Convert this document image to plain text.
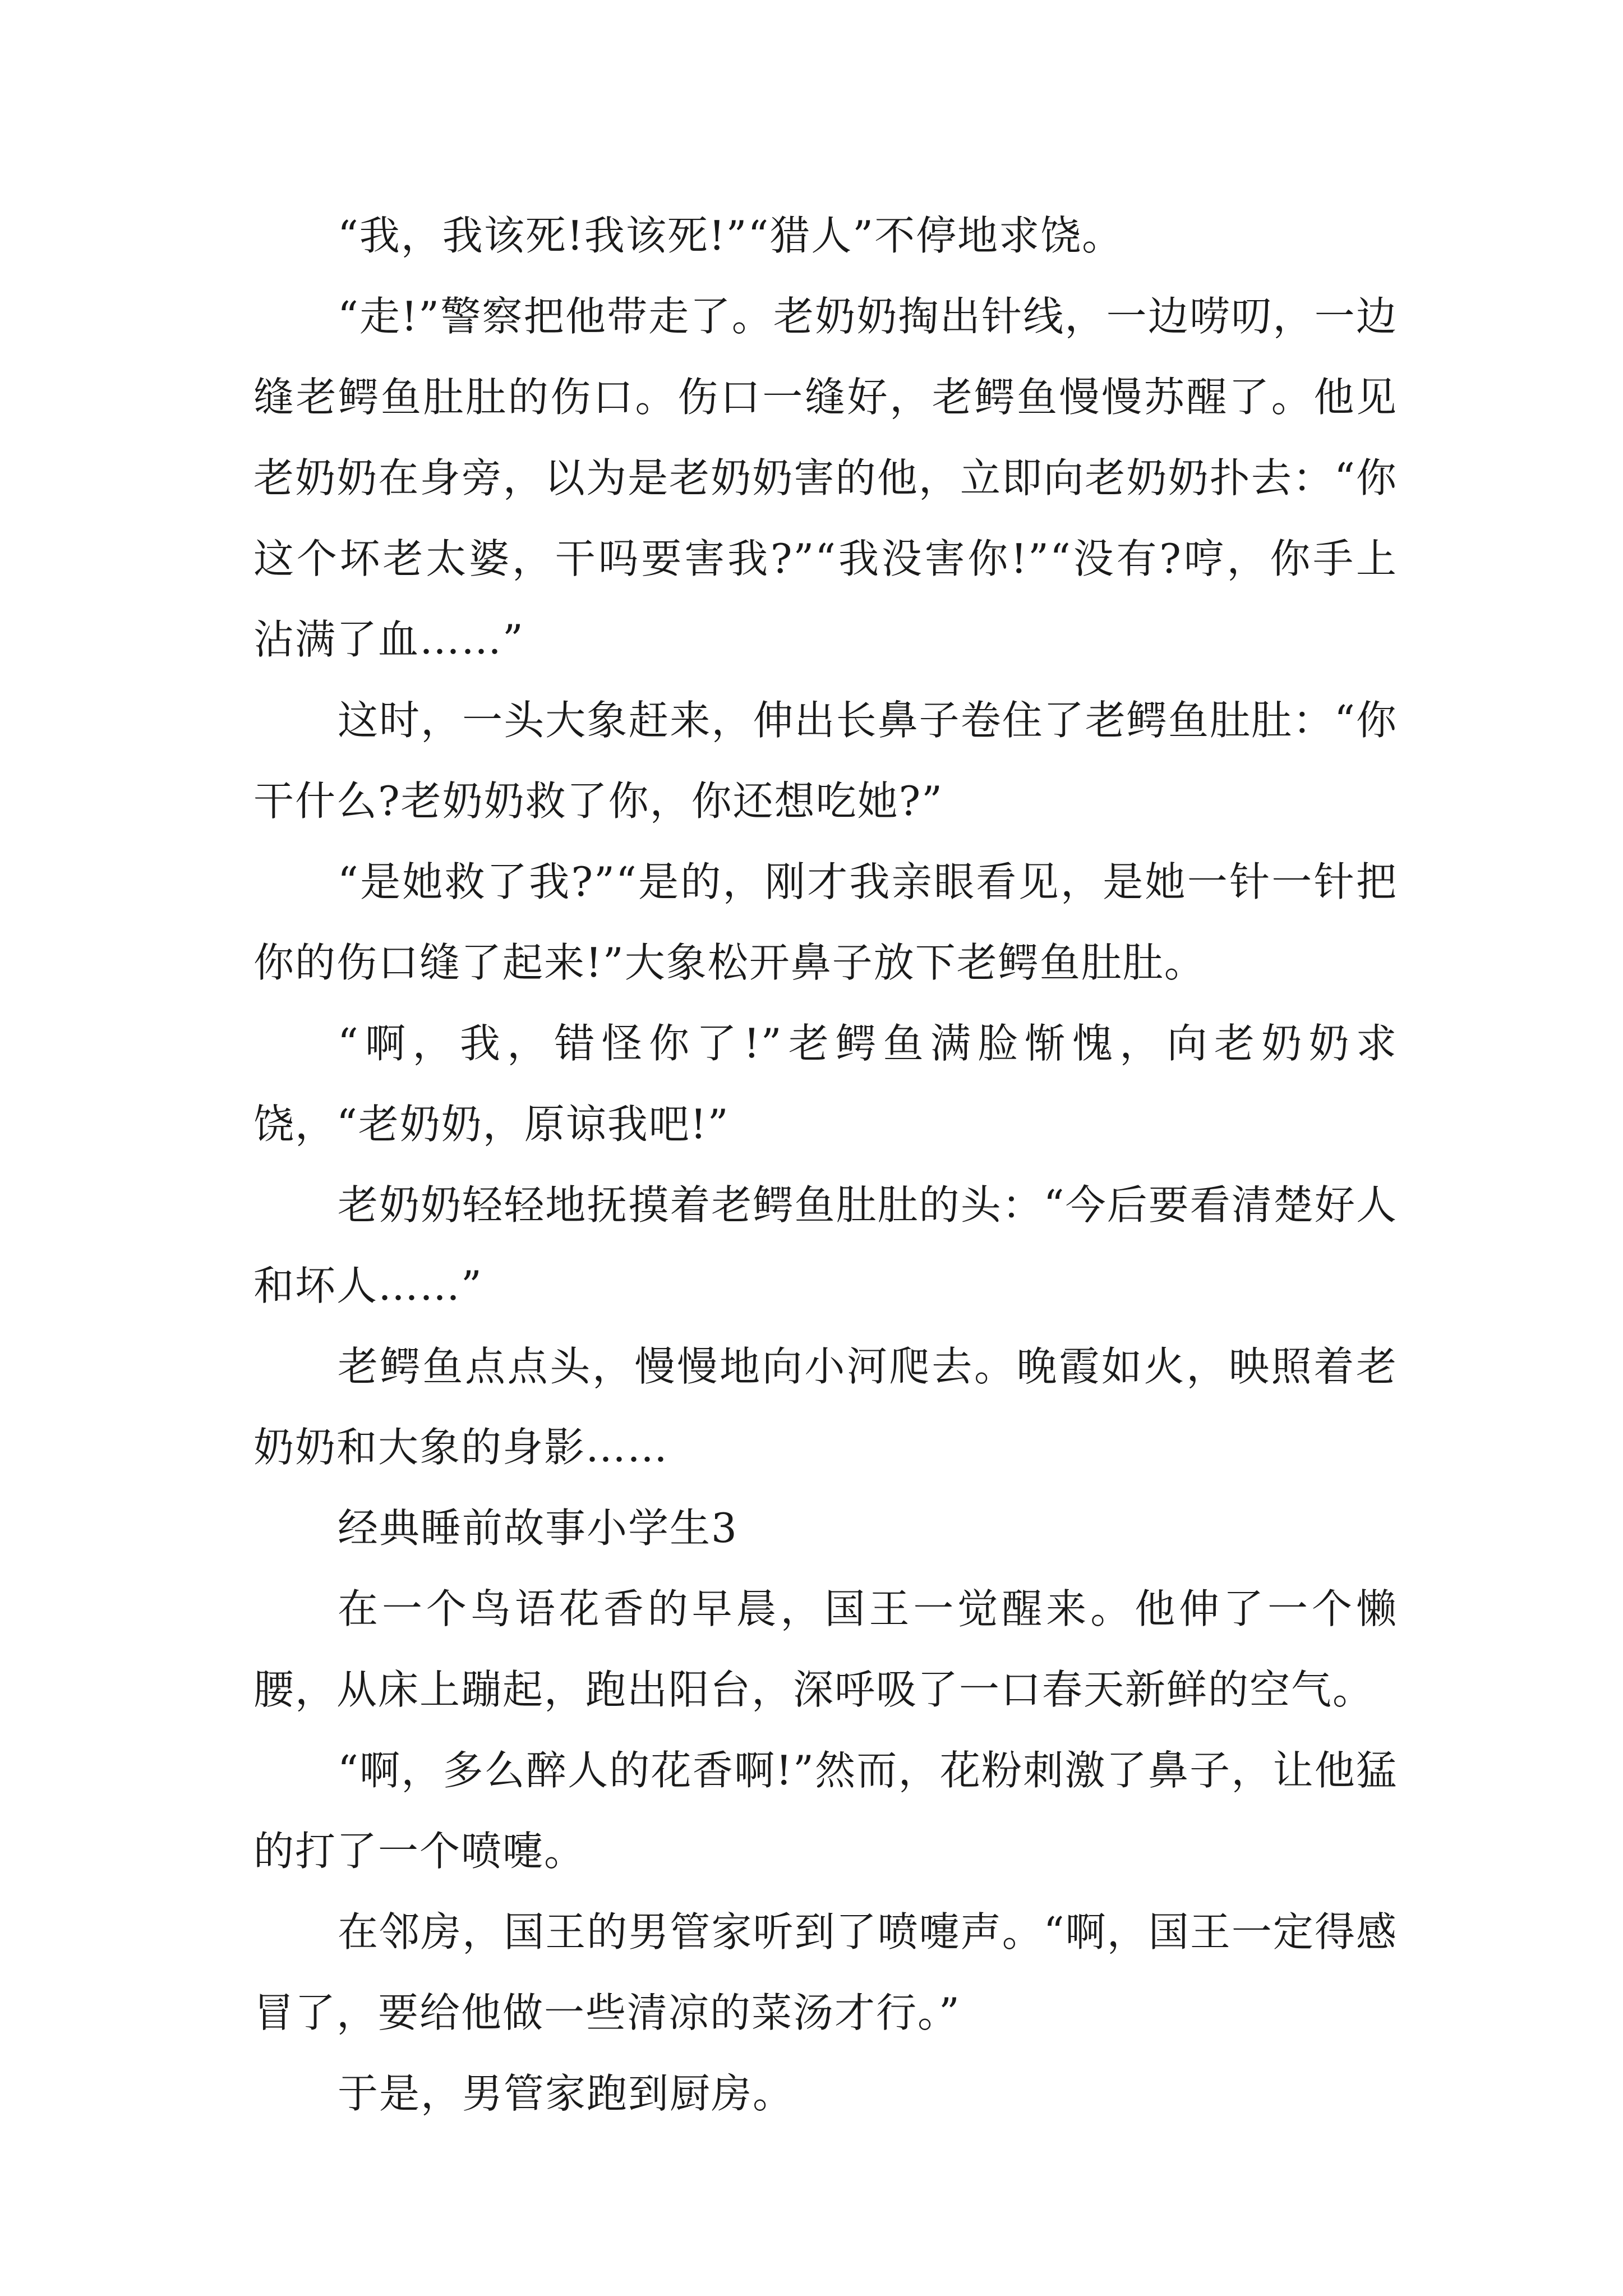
“我，我该死!我该死!”“猎人”不停地求饶。

“走!”警察把他带走了。老奶奶掏出针线，一边唠叨，一边缝老鳄鱼肚肚的伤口。伤口一缝好，老鳄鱼慢慢苏醒了。他见老奶奶在身旁，以为是老奶奶害的他，立即向老奶奶扑去：“你这个坏老太婆，干吗要害我?”“我没害你!”“没有?哼，你手上沾满了血……”

这时，一头大象赶来，伸出长鼻子卷住了老鳄鱼肚肚：“你干什么?老奶奶救了你，你还想吃她?”

“是她救了我?”“是的，刚才我亲眼看见，是她一针一针把你的伤口缝了起来!”大象松开鼻子放下老鳄鱼肚肚。

“啊，我，错怪你了!”老鳄鱼满脸惭愧，向老奶奶求饶，“老奶奶，原谅我吧!”

老奶奶轻轻地抚摸着老鳄鱼肚肚的头：“今后要看清楚好人和坏人……”

老鳄鱼点点头，慢慢地向小河爬去。晚霞如火，映照着老奶奶和大象的身影……

经典睡前故事小学生3

在一个鸟语花香的早晨，国王一觉醒来。他伸了一个懒腰，从床上蹦起，跑出阳台，深呼吸了一口春天新鲜的空气。

“啊，多么醉人的花香啊!”然而，花粉刺激了鼻子，让他猛的打了一个喷嚏。

在邻房，国王的男管家听到了喷嚏声。“啊，国王一定得感冒了，要给他做一些清凉的菜汤才行。”

于是，男管家跑到厨房。
